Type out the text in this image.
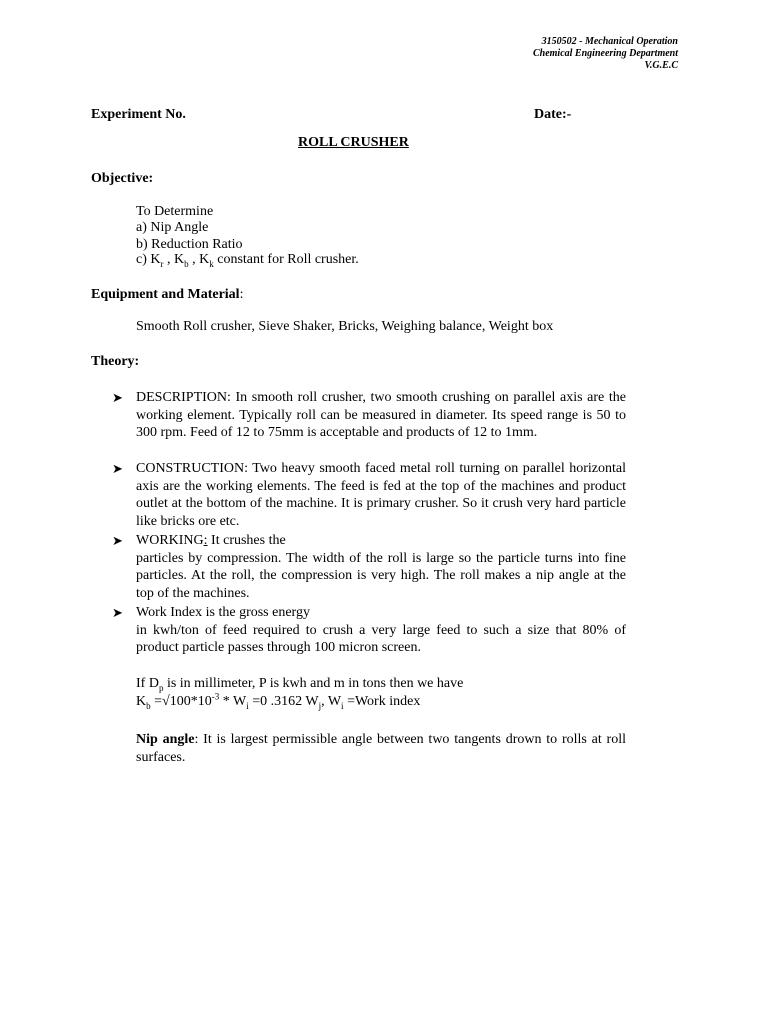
3150502 - Mechanical Operation
Chemical Engineering Department
V.G.E.C
Experiment No.	Date:-
ROLL CRUSHER
Objective:
To Determine
a) Nip Angle
b) Reduction Ratio
c) $K_r$ , $K_b$ , $K_k$ constant for Roll crusher.
Equipment and Material:
Smooth Roll crusher, Sieve Shaker, Bricks, Weighing balance, Weight box
Theory:
➤ DESCRIPTION: In smooth roll crusher, two smooth crushing on parallel axis are the working element. Typically roll can be measured in diameter. Its speed range is 50 to 300 rpm. Feed of 12 to 75mm is acceptable and products of 12 to 1mm.
➤ CONSTRUCTION: Two heavy smooth faced metal roll turning on parallel horizontal axis are the working elements. The feed is fed at the top of the machines and product outlet at the bottom of the machine. It is primary crusher. So it crush very hard particle like bricks ore etc.
➤ WORKING: It crushes the
particles by compression. The width of the roll is large so the particle turns into fine particles. At the roll, the compression is very high. The roll makes a nip angle at the top of the machines.
➤ Work Index is the gross energy
in kwh/ton of feed required to crush a very large feed to such a size that 80% of product particle passes through 100 micron screen.
If $D_p$ is in millimeter, P is kwh and m in tons then we have
$K_b =√100*10^{-3} * W_i =0$ .3162 $W_j$, $W_i$ =Work index
Nip angle: It is largest permissible angle between two tangents drown to rolls at roll surfaces.
